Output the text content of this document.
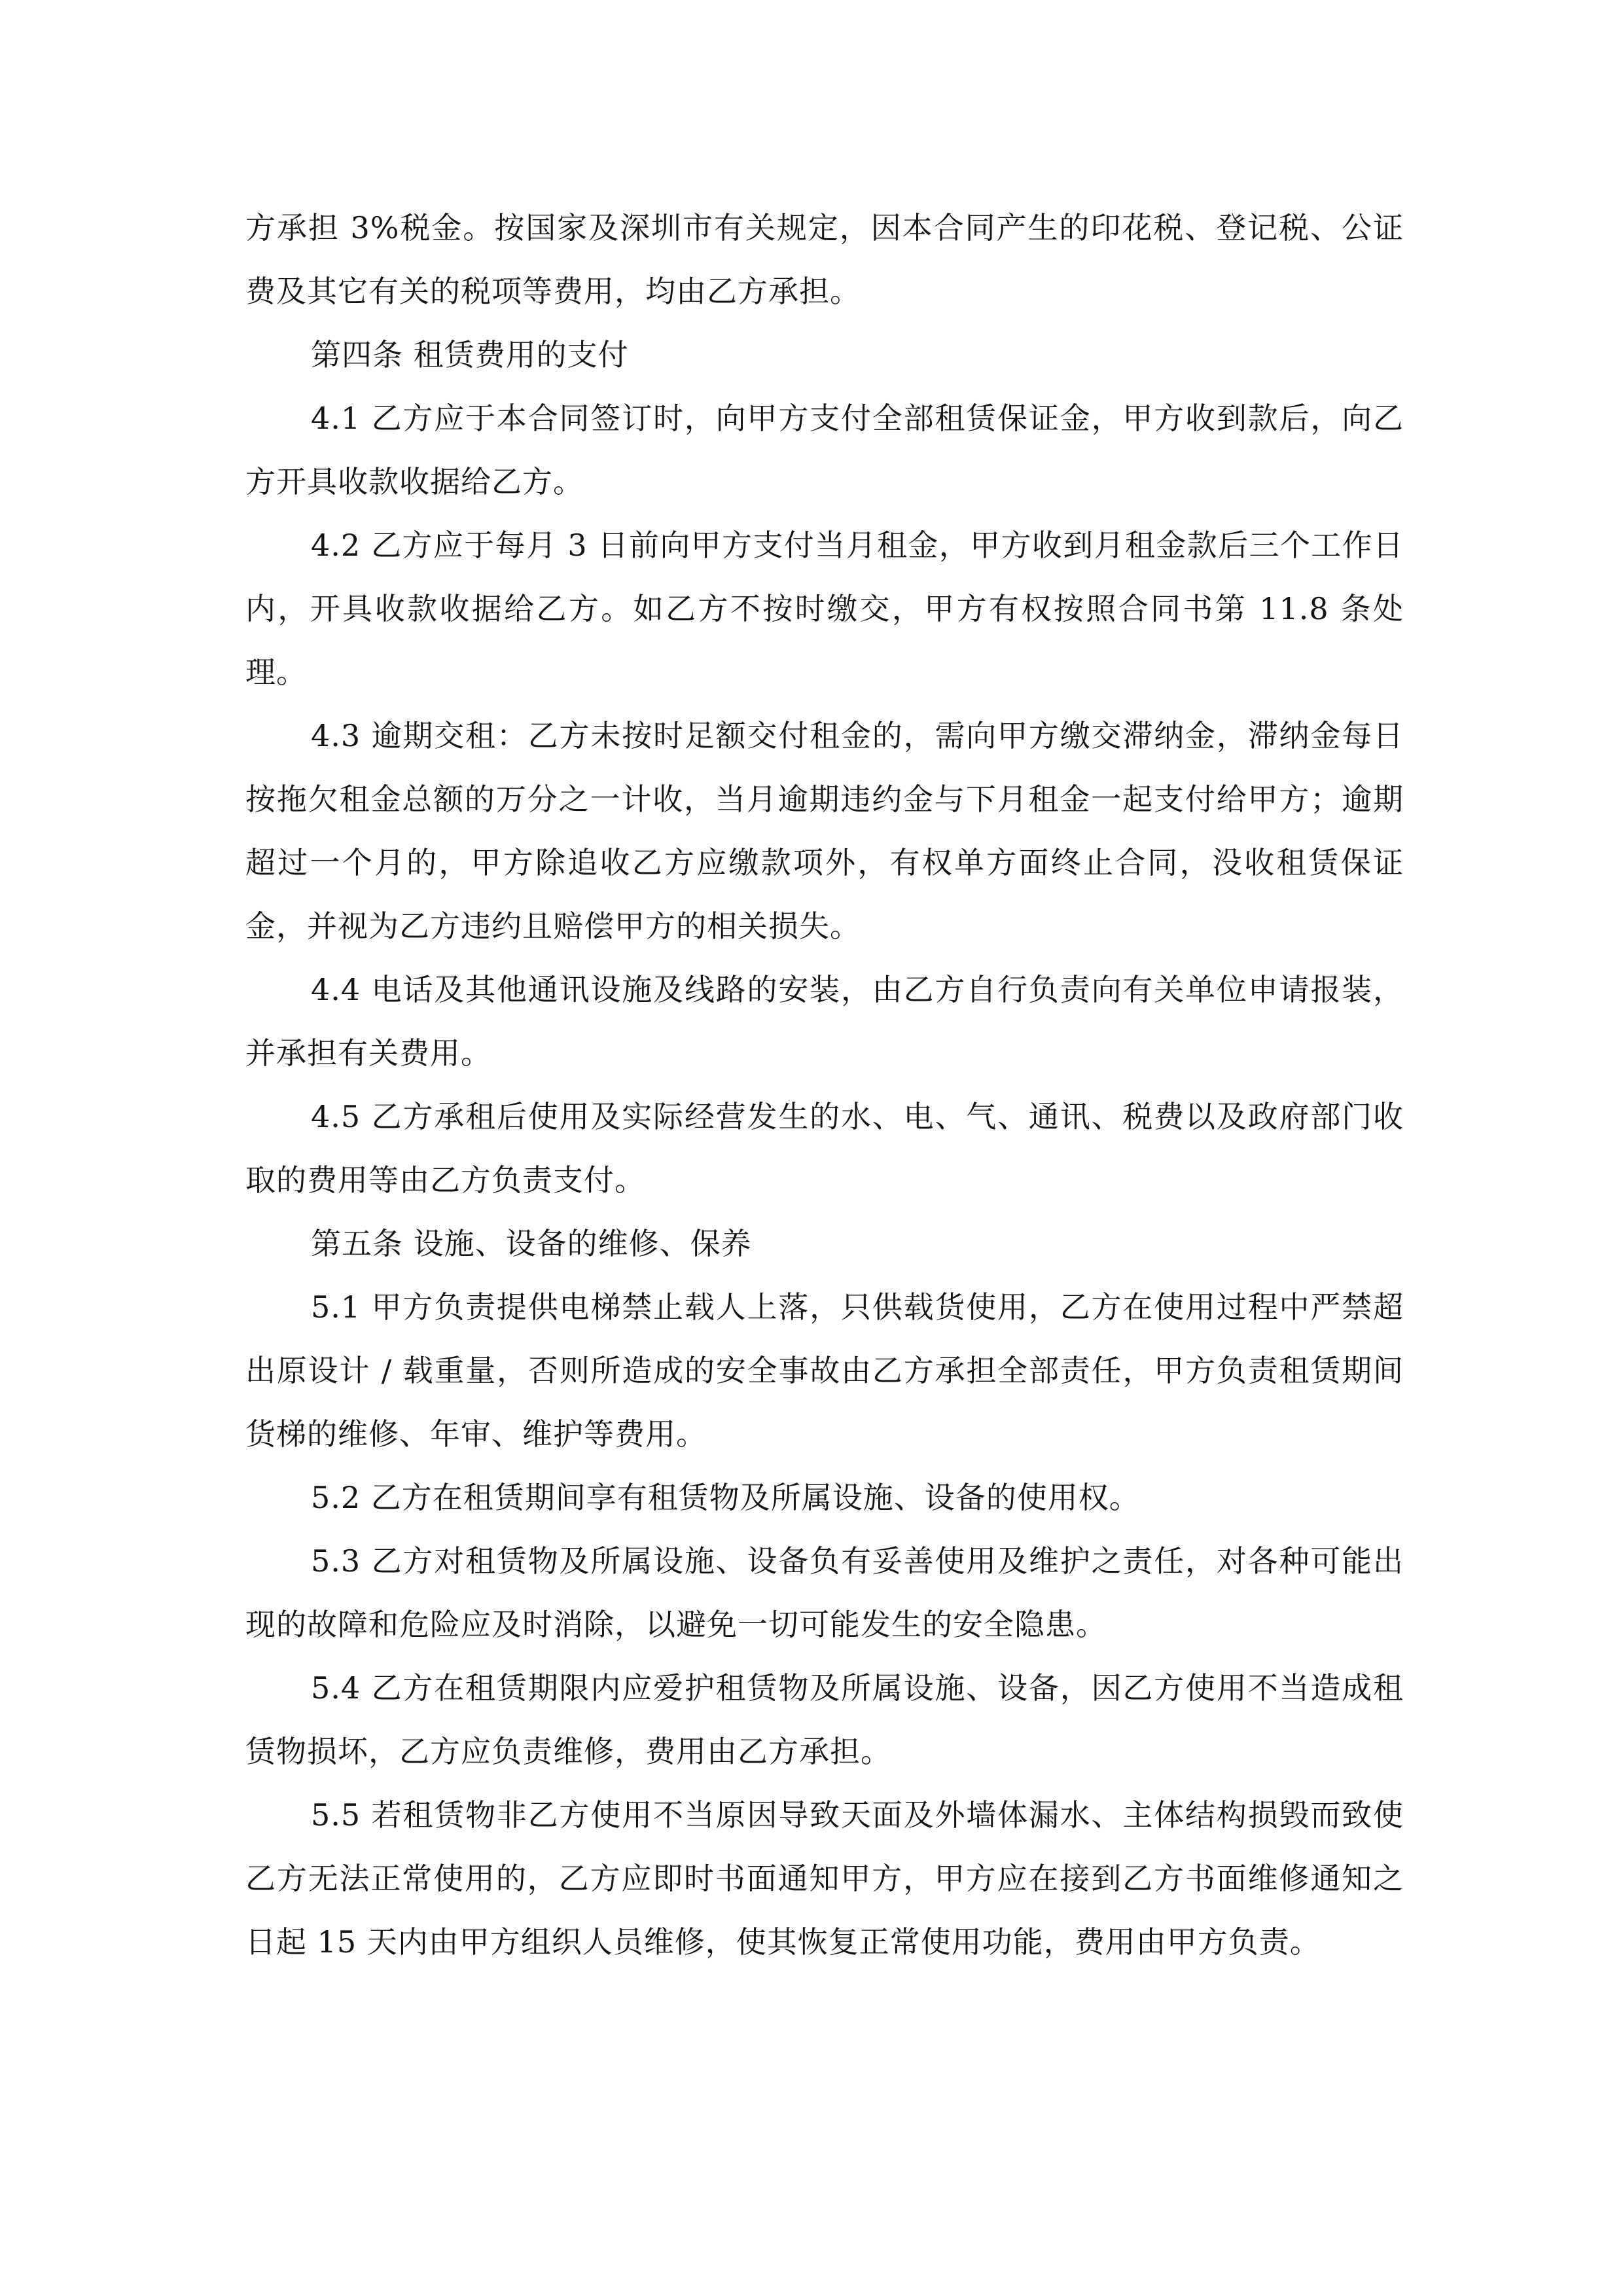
方承担 3%税金。按国家及深圳市有关规定，因本合同产生的印花税、登记税、公证费及其它有关的税项等费用，均由乙方承担。

第四条 租赁费用的支付

4.1 乙方应于本合同签订时，向甲方支付全部租赁保证金，甲方收到款后，向乙方开具收款收据给乙方。

4.2 乙方应于每月 3 日前向甲方支付当月租金，甲方收到月租金款后三个工作日内，开具收款收据给乙方。如乙方不按时缴交，甲方有权按照合同书第 11.8 条处理。

4.3 逾期交租：乙方未按时足额交付租金的，需向甲方缴交滞纳金，滞纳金每日按拖欠租金总额的万分之一计收，当月逾期违约金与下月租金一起支付给甲方；逾期超过一个月的，甲方除追收乙方应缴款项外，有权单方面终止合同，没收租赁保证金，并视为乙方违约且赔偿甲方的相关损失。

4.4 电话及其他通讯设施及线路的安装，由乙方自行负责向有关单位申请报装，并承担有关费用。

4.5 乙方承租后使用及实际经营发生的水、电、气、通讯、税费以及政府部门收取的费用等由乙方负责支付。

第五条 设施、设备的维修、保养

5.1 甲方负责提供电梯禁止载人上落，只供载货使用，乙方在使用过程中严禁超出原设计 / 载重量，否则所造成的安全事故由乙方承担全部责任，甲方负责租赁期间货梯的维修、年审、维护等费用。

5.2 乙方在租赁期间享有租赁物及所属设施、设备的使用权。

5.3 乙方对租赁物及所属设施、设备负有妥善使用及维护之责任，对各种可能出现的故障和危险应及时消除，以避免一切可能发生的安全隐患。

5.4 乙方在租赁期限内应爱护租赁物及所属设施、设备，因乙方使用不当造成租赁物损坏，乙方应负责维修，费用由乙方承担。

5.5 若租赁物非乙方使用不当原因导致天面及外墙体漏水、主体结构损毁而致使乙方无法正常使用的，乙方应即时书面通知甲方，甲方应在接到乙方书面维修通知之日起 15 天内由甲方组织人员维修，使其恢复正常使用功能，费用由甲方负责。
